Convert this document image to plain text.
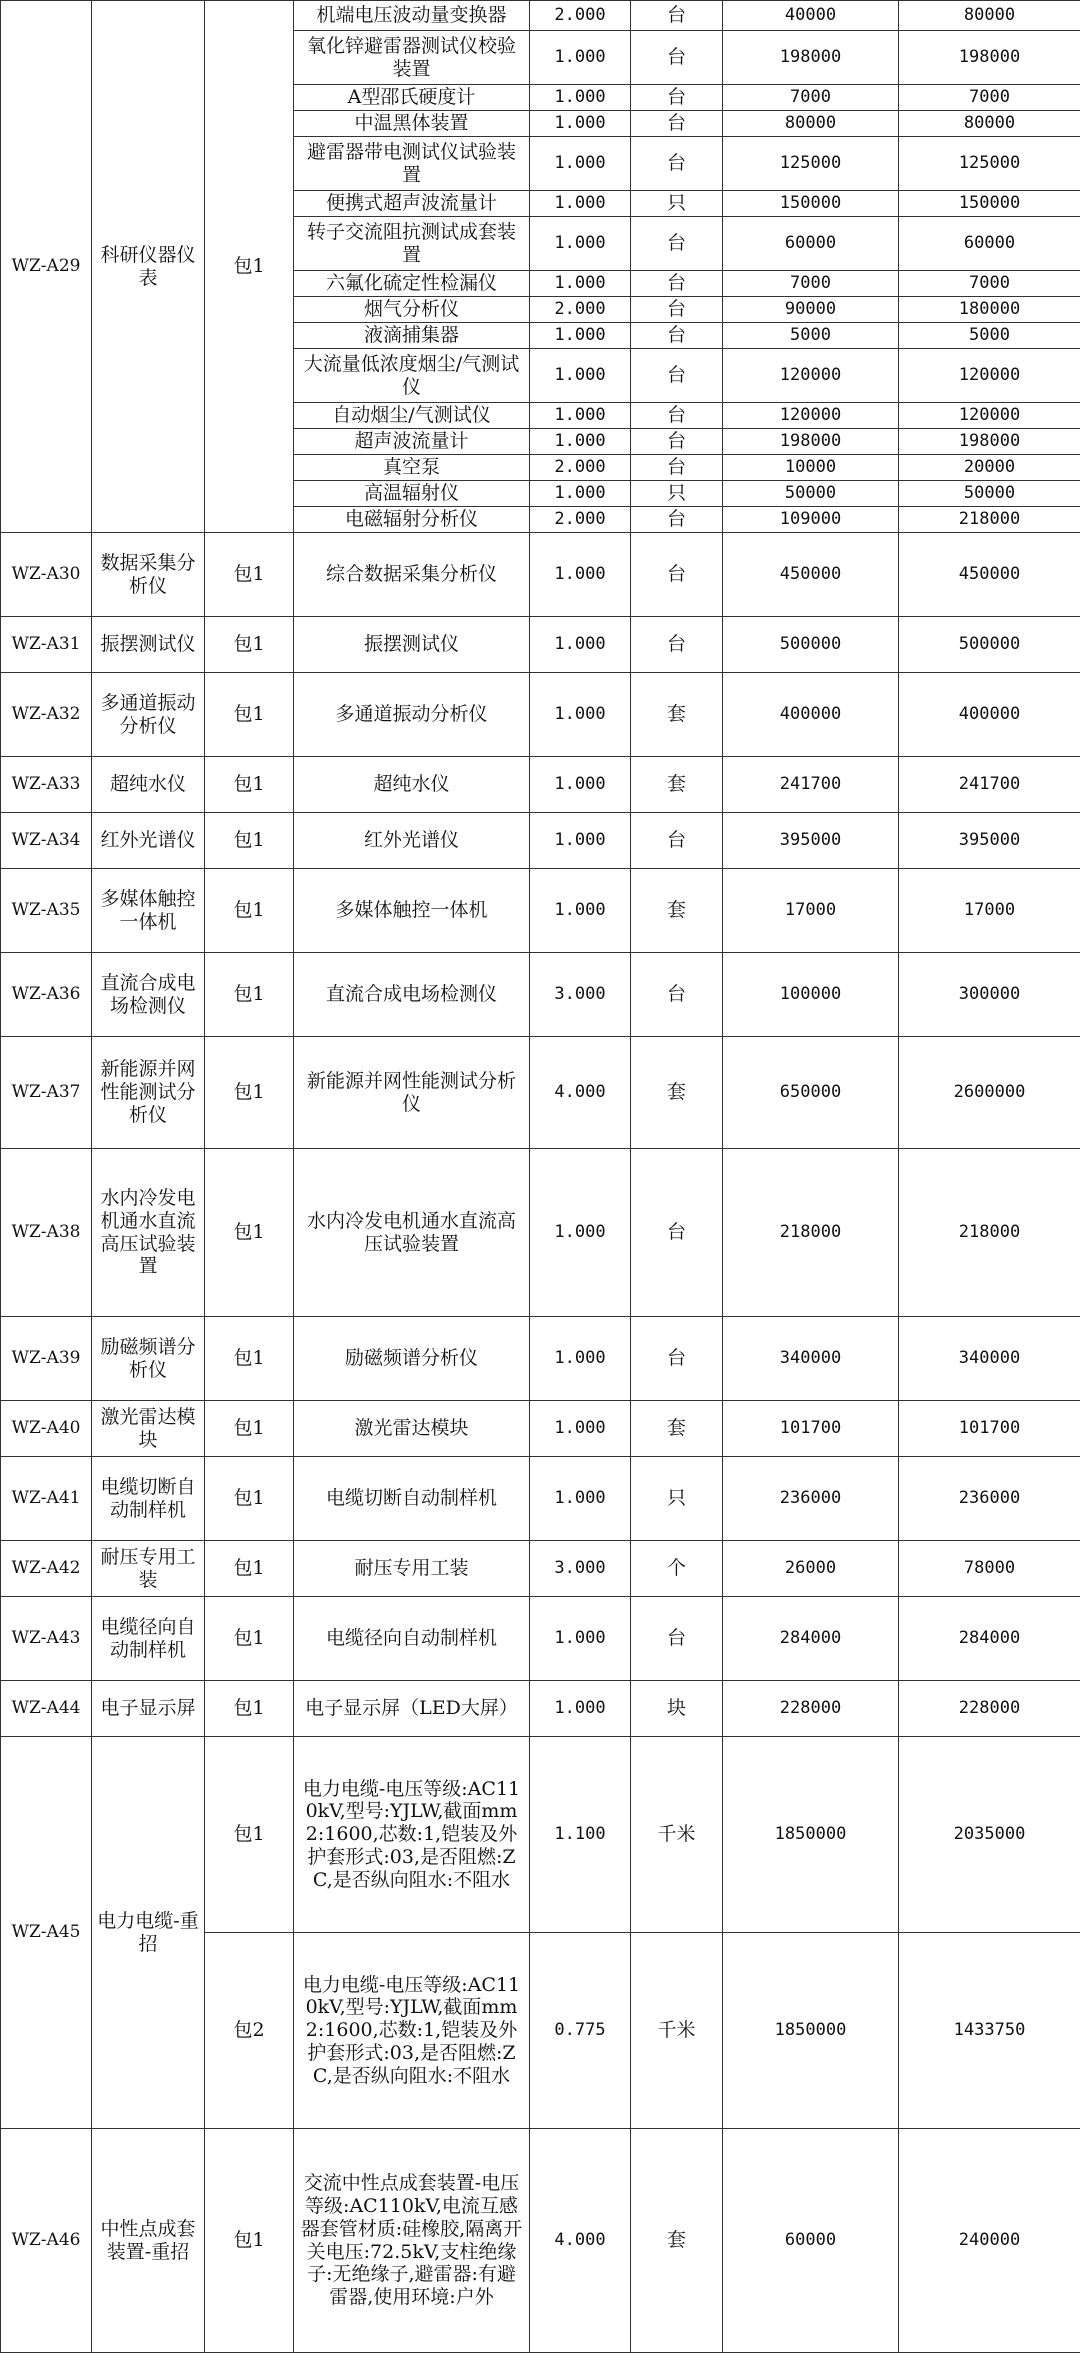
WZ-A29	科研仪器仪表	包1	机端电压波动量变换器	2.000	台	40000	80000
			氧化锌避雷器测试仪校验装置	1.000	台	198000	198000
			A型邵氏硬度计	1.000	台	7000	7000
			中温黑体装置	1.000	台	80000	80000
			避雷器带电测试仪试验装置	1.000	台	125000	125000
			便携式超声波流量计	1.000	只	150000	150000
			转子交流阻抗测试成套装置	1.000	台	60000	60000
			六氟化硫定性检漏仪	1.000	台	7000	7000
			烟气分析仪	2.000	台	90000	180000
			液滴捕集器	1.000	台	5000	5000
			大流量低浓度烟尘/气测试仪	1.000	台	120000	120000
			自动烟尘/气测试仪	1.000	台	120000	120000
			超声波流量计	1.000	台	198000	198000
			真空泵	2.000	台	10000	20000
			高温辐射仪	1.000	只	50000	50000
			电磁辐射分析仪	2.000	台	109000	218000
WZ-A30	数据采集分析仪	包1	综合数据采集分析仪	1.000	台	450000	450000
WZ-A31	振摆测试仪	包1	振摆测试仪	1.000	台	500000	500000
WZ-A32	多通道振动分析仪	包1	多通道振动分析仪	1.000	套	400000	400000
WZ-A33	超纯水仪	包1	超纯水仪	1.000	套	241700	241700
WZ-A34	红外光谱仪	包1	红外光谱仪	1.000	台	395000	395000
WZ-A35	多媒体触控一体机	包1	多媒体触控一体机	1.000	套	17000	17000
WZ-A36	直流合成电场检测仪	包1	直流合成电场检测仪	3.000	台	100000	300000
WZ-A37	新能源并网性能测试分析仪	包1	新能源并网性能测试分析仪	4.000	套	650000	2600000
WZ-A38	水内冷发电机通水直流高压试验装置	包1	水内冷发电机通水直流高压试验装置	1.000	台	218000	218000
WZ-A39	励磁频谱分析仪	包1	励磁频谱分析仪	1.000	台	340000	340000
WZ-A40	激光雷达模块	包1	激光雷达模块	1.000	套	101700	101700
WZ-A41	电缆切断自动制样机	包1	电缆切断自动制样机	1.000	只	236000	236000
WZ-A42	耐压专用工装	包1	耐压专用工装	3.000	个	26000	78000
WZ-A43	电缆径向自动制样机	包1	电缆径向自动制样机	1.000	台	284000	284000
WZ-A44	电子显示屏	包1	电子显示屏（LED大屏）	1.000	块	228000	228000
WZ-A45	电力电缆-重招	包1	电力电缆-电压等级:AC110kV,型号:YJLW,截面mm2:1600,芯数:1,铠装及外护套形式:03,是否阻燃:ZC,是否纵向阻水:不阻水	1.100	千米	1850000	2035000
		包2	电力电缆-电压等级:AC110kV,型号:YJLW,截面mm2:1600,芯数:1,铠装及外护套形式:03,是否阻燃:ZC,是否纵向阻水:不阻水	0.775	千米	1850000	1433750
WZ-A46	中性点成套装置-重招	包1	交流中性点成套装置-电压等级:AC110kV,电流互感器套管材质:硅橡胶,隔离开关电压:72.5kV,支柱绝缘子:无绝缘子,避雷器:有避雷器,使用环境:户外	4.000	套	60000	240000
